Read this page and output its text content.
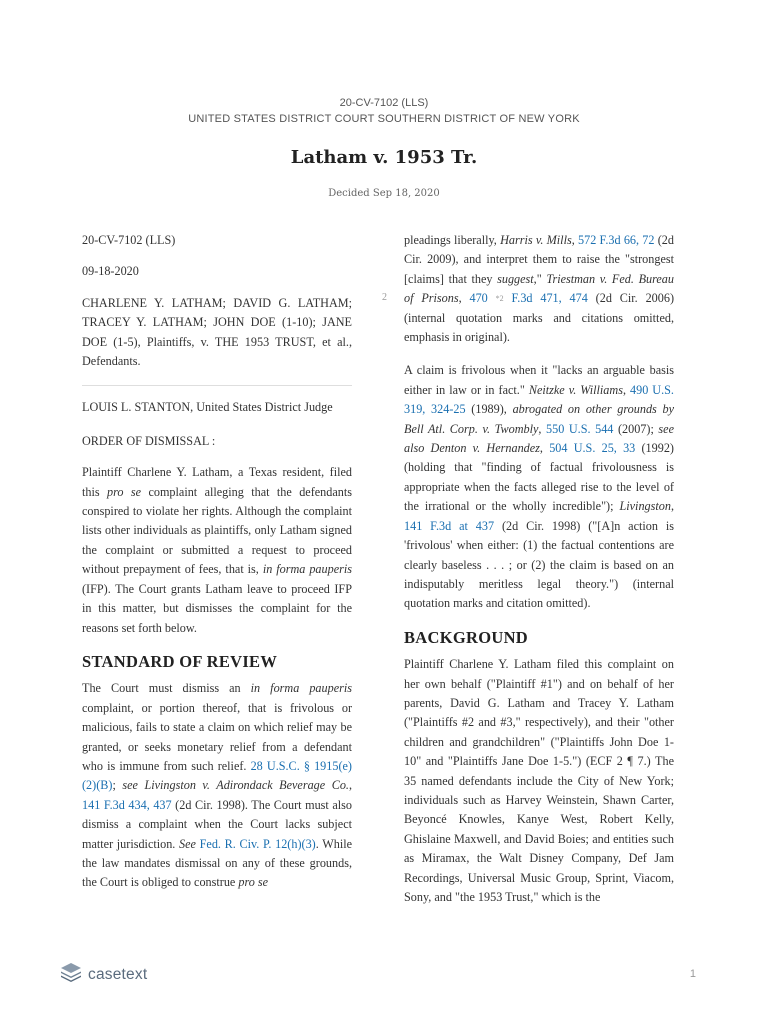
20-CV-7102 (LLS)
UNITED STATES DISTRICT COURT SOUTHERN DISTRICT OF NEW YORK
Latham v. 1953 Tr.
Decided Sep 18, 2020

20-CV-7102 (LLS)

09-18-2020

CHARLENE Y. LATHAM; DAVID G. LATHAM; TRACEY Y. LATHAM; JOHN DOE (1-10); JANE DOE (1-5), Plaintiffs, v. THE 1953 TRUST, et al., Defendants.

LOUIS L. STANTON, United States District Judge

ORDER OF DISMISSAL :

Plaintiff Charlene Y. Latham, a Texas resident, filed this pro se complaint alleging that the defendants conspired to violate her rights. Although the complaint lists other individuals as plaintiffs, only Latham signed the complaint or submitted a request to proceed without prepayment of fees, that is, in forma pauperis (IFP). The Court grants Latham leave to proceed IFP in this matter, but dismisses the complaint for the reasons set forth below.

STANDARD OF REVIEW

The Court must dismiss an in forma pauperis complaint, or portion thereof, that is frivolous or malicious, fails to state a claim on which relief may be granted, or seeks monetary relief from a defendant who is immune from such relief. 28 U.S.C. § 1915(e)(2)(B); see Livingston v. Adirondack Beverage Co., 141 F.3d 434, 437 (2d Cir. 1998). The Court must also dismiss a complaint when the Court lacks subject matter jurisdiction. See Fed. R. Civ. P. 12(h)(3). While the law mandates dismissal on any of these grounds, the Court is obliged to construe pro se

2

pleadings liberally, Harris v. Mills, 572 F.3d 66, 72 (2d Cir. 2009), and interpret them to raise the "strongest [claims] that they suggest," Triestman v. Fed. Bureau of Prisons, 470 *2 F.3d 471, 474 (2d Cir. 2006) (internal quotation marks and citations omitted, emphasis in original).

A claim is frivolous when it "lacks an arguable basis either in law or in fact." Neitzke v. Williams, 490 U.S. 319, 324-25 (1989), abrogated on other grounds by Bell Atl. Corp. v. Twombly, 550 U.S. 544 (2007); see also Denton v. Hernandez, 504 U.S. 25, 33 (1992) (holding that "finding of factual frivolousness is appropriate when the facts alleged rise to the level of the irrational or the wholly incredible"); Livingston, 141 F.3d at 437 (2d Cir. 1998) ("[A]n action is 'frivolous' when either: (1) the factual contentions are clearly baseless . . . ; or (2) the claim is based on an indisputably meritless legal theory.") (internal quotation marks and citation omitted).

BACKGROUND

Plaintiff Charlene Y. Latham filed this complaint on her own behalf ("Plaintiff #1") and on behalf of her parents, David G. Latham and Tracey Y. Latham ("Plaintiffs #2 and #3," respectively), and their "other children and grandchildren" ("Plaintiffs John Doe 1-10" and "Plaintiffs Jane Doe 1-5.") (ECF 2 ¶ 7.) The 35 named defendants include the City of New York; individuals such as Harvey Weinstein, Shawn Carter, Beyoncé Knowles, Kanye West, Robert Kelly, Ghislaine Maxwell, and David Boies; and entities such as Miramax, the Walt Disney Company, Def Jam Recordings, Universal Music Group, Sprint, Viacom, Sony, and "the 1953 Trust," which is the

casetext	1
